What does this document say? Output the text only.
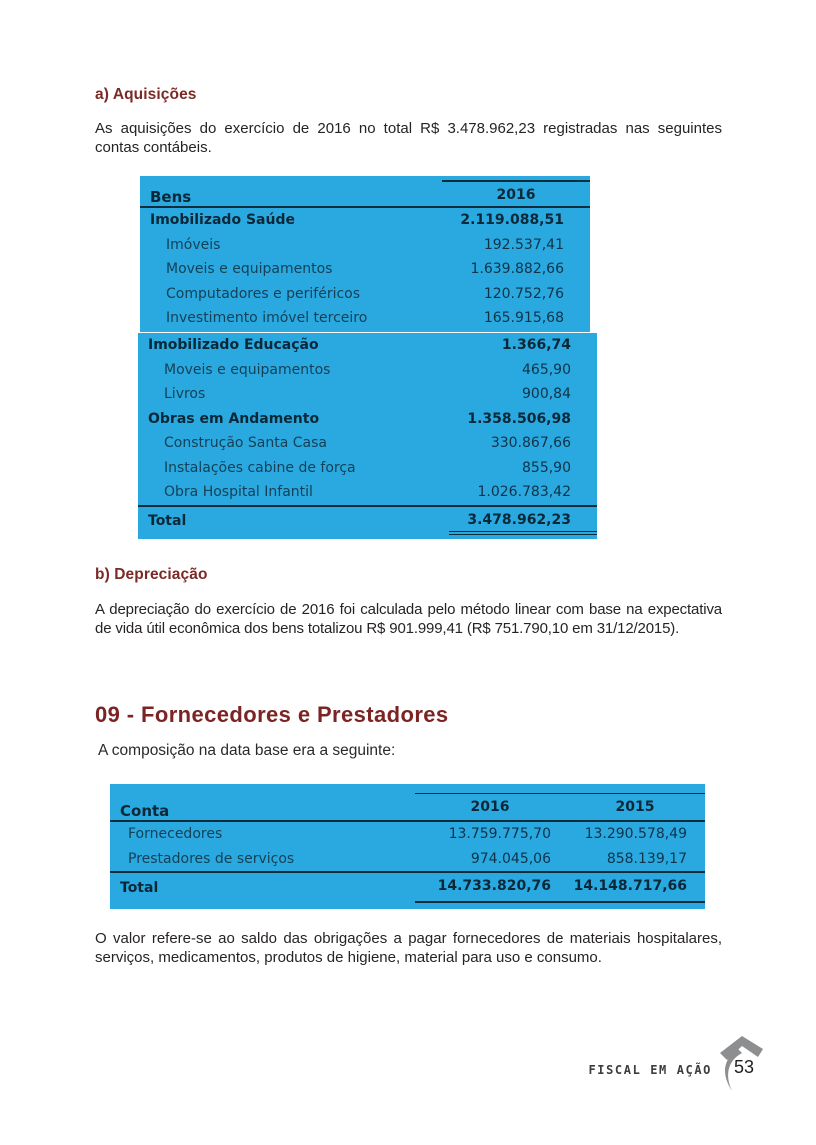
a) Aquisições

As aquisições do exercício de 2016 no total R$ 3.478.962,23 registradas nas seguintes contas contábeis.

Bens	2016
Imobilizado Saúde	2.119.088,51
Imóveis	192.537,41
Moveis e equipamentos	1.639.882,66
Computadores e periféricos	120.752,76
Investimento imóvel terceiro	165.915,68
Imobilizado Educação	1.366,74
Moveis e equipamentos	465,90
Livros	900,84
Obras em Andamento	1.358.506,98
Construção Santa Casa	330.867,66
Instalações cabine de força	855,90
Obra Hospital Infantil	1.026.783,42
Total	3.478.962,23
b) Depreciação

A depreciação do exercício de 2016 foi calculada pelo método linear com base na expectativa de vida útil econômica dos bens totalizou R$ 901.999,41 (R$ 751.790,10 em 31/12/2015).

09 - Fornecedores e Prestadores
A composição na data base era a seguinte:
Conta	2016	2015
Fornecedores	13.759.775,70	13.290.578,49
Prestadores de serviços	974.045,06	858.139,17
Total	14.733.820,76	14.148.717,66

O valor refere-se ao saldo das obrigações a pagar fornecedores de materiais hospitalares, serviços, medicamentos, produtos de higiene, material para uso e consumo.

FISCAL EM AÇÃO 53
